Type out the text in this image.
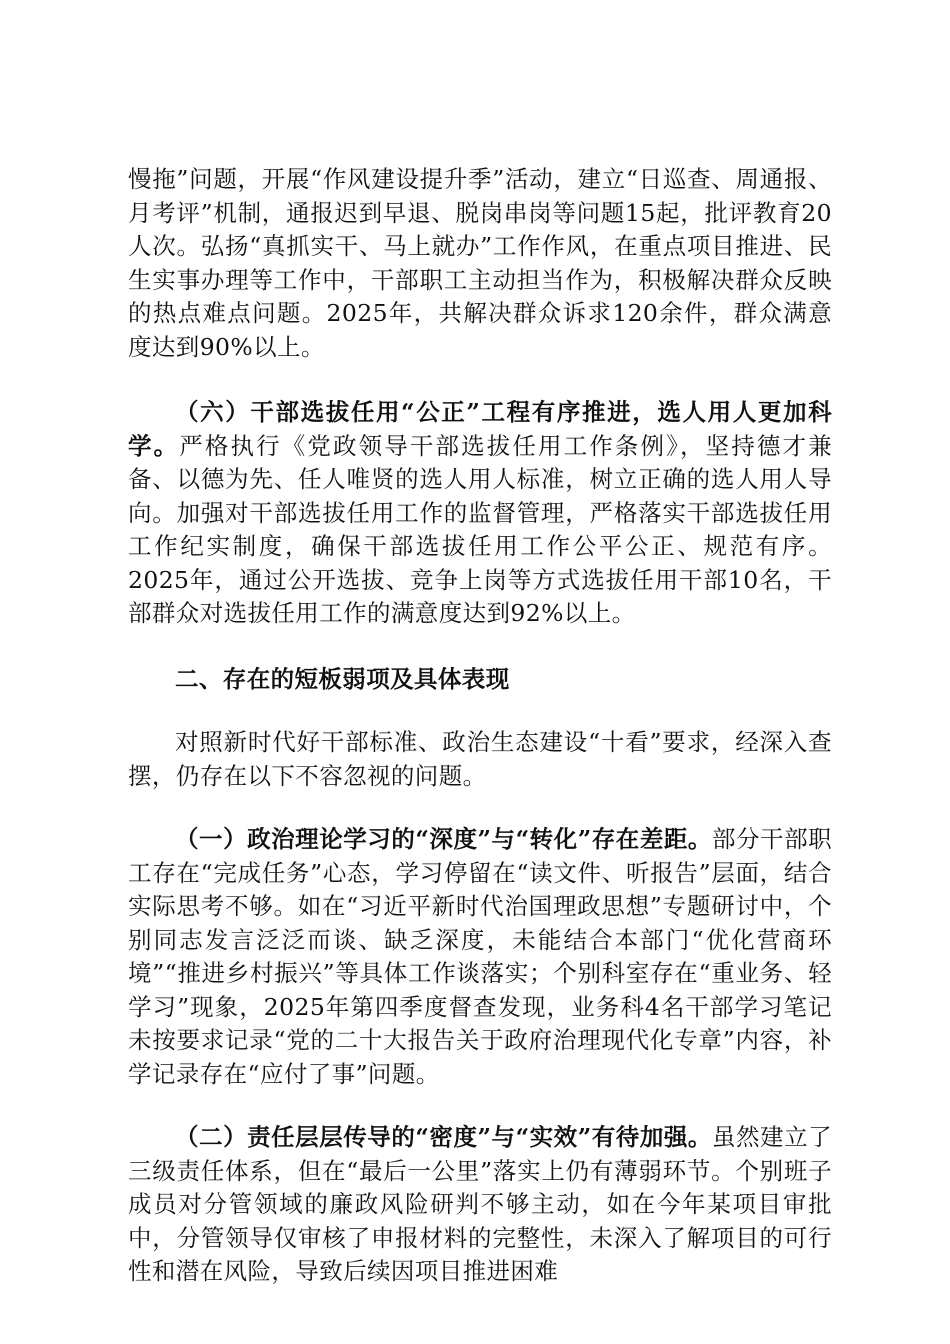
慢拖”问题，开展“作风建设提升季”活动，建立“日巡查、周通报、月考评”机制，通报迟到早退、脱岗串岗等问题15起，批评教育20人次。弘扬“真抓实干、马上就办”工作作风，在重点项目推进、民生实事办理等工作中，干部职工主动担当作为，积极解决群众反映的热点难点问题。2025年，共解决群众诉求120余件，群众满意度达到90%以上。

（六）干部选拔任用“公正”工程有序推进，选人用人更加科学。严格执行《党政领导干部选拔任用工作条例》，坚持德才兼备、以德为先、任人唯贤的选人用人标准，树立正确的选人用人导向。加强对干部选拔任用工作的监督管理，严格落实干部选拔任用工作纪实制度，确保干部选拔任用工作公平公正、规范有序。2025年，通过公开选拔、竞争上岗等方式选拔任用干部10名，干部群众对选拔任用工作的满意度达到92%以上。

二、存在的短板弱项及具体表现

对照新时代好干部标准、政治生态建设“十看”要求，经深入查摆，仍存在以下不容忽视的问题。

（一）政治理论学习的“深度”与“转化”存在差距。部分干部职工存在“完成任务”心态，学习停留在“读文件、听报告”层面，结合实际思考不够。如在“习近平新时代治国理政思想”专题研讨中，个别同志发言泛泛而谈、缺乏深度，未能结合本部门“优化营商环境”“推进乡村振兴”等具体工作谈落实；个别科室存在“重业务、轻学习”现象，2025年第四季度督查发现，业务科4名干部学习笔记未按要求记录“党的二十大报告关于政府治理现代化专章”内容，补学记录存在“应付了事”问题。

（二）责任层层传导的“密度”与“实效”有待加强。虽然建立了三级责任体系，但在“最后一公里”落实上仍有薄弱环节。个别班子成员对分管领域的廉政风险研判不够主动，如在今年某项目审批中，分管领导仅审核了申报材料的完整性，未深入了解项目的可行性和潜在风险，导致后续因项目推进困难
